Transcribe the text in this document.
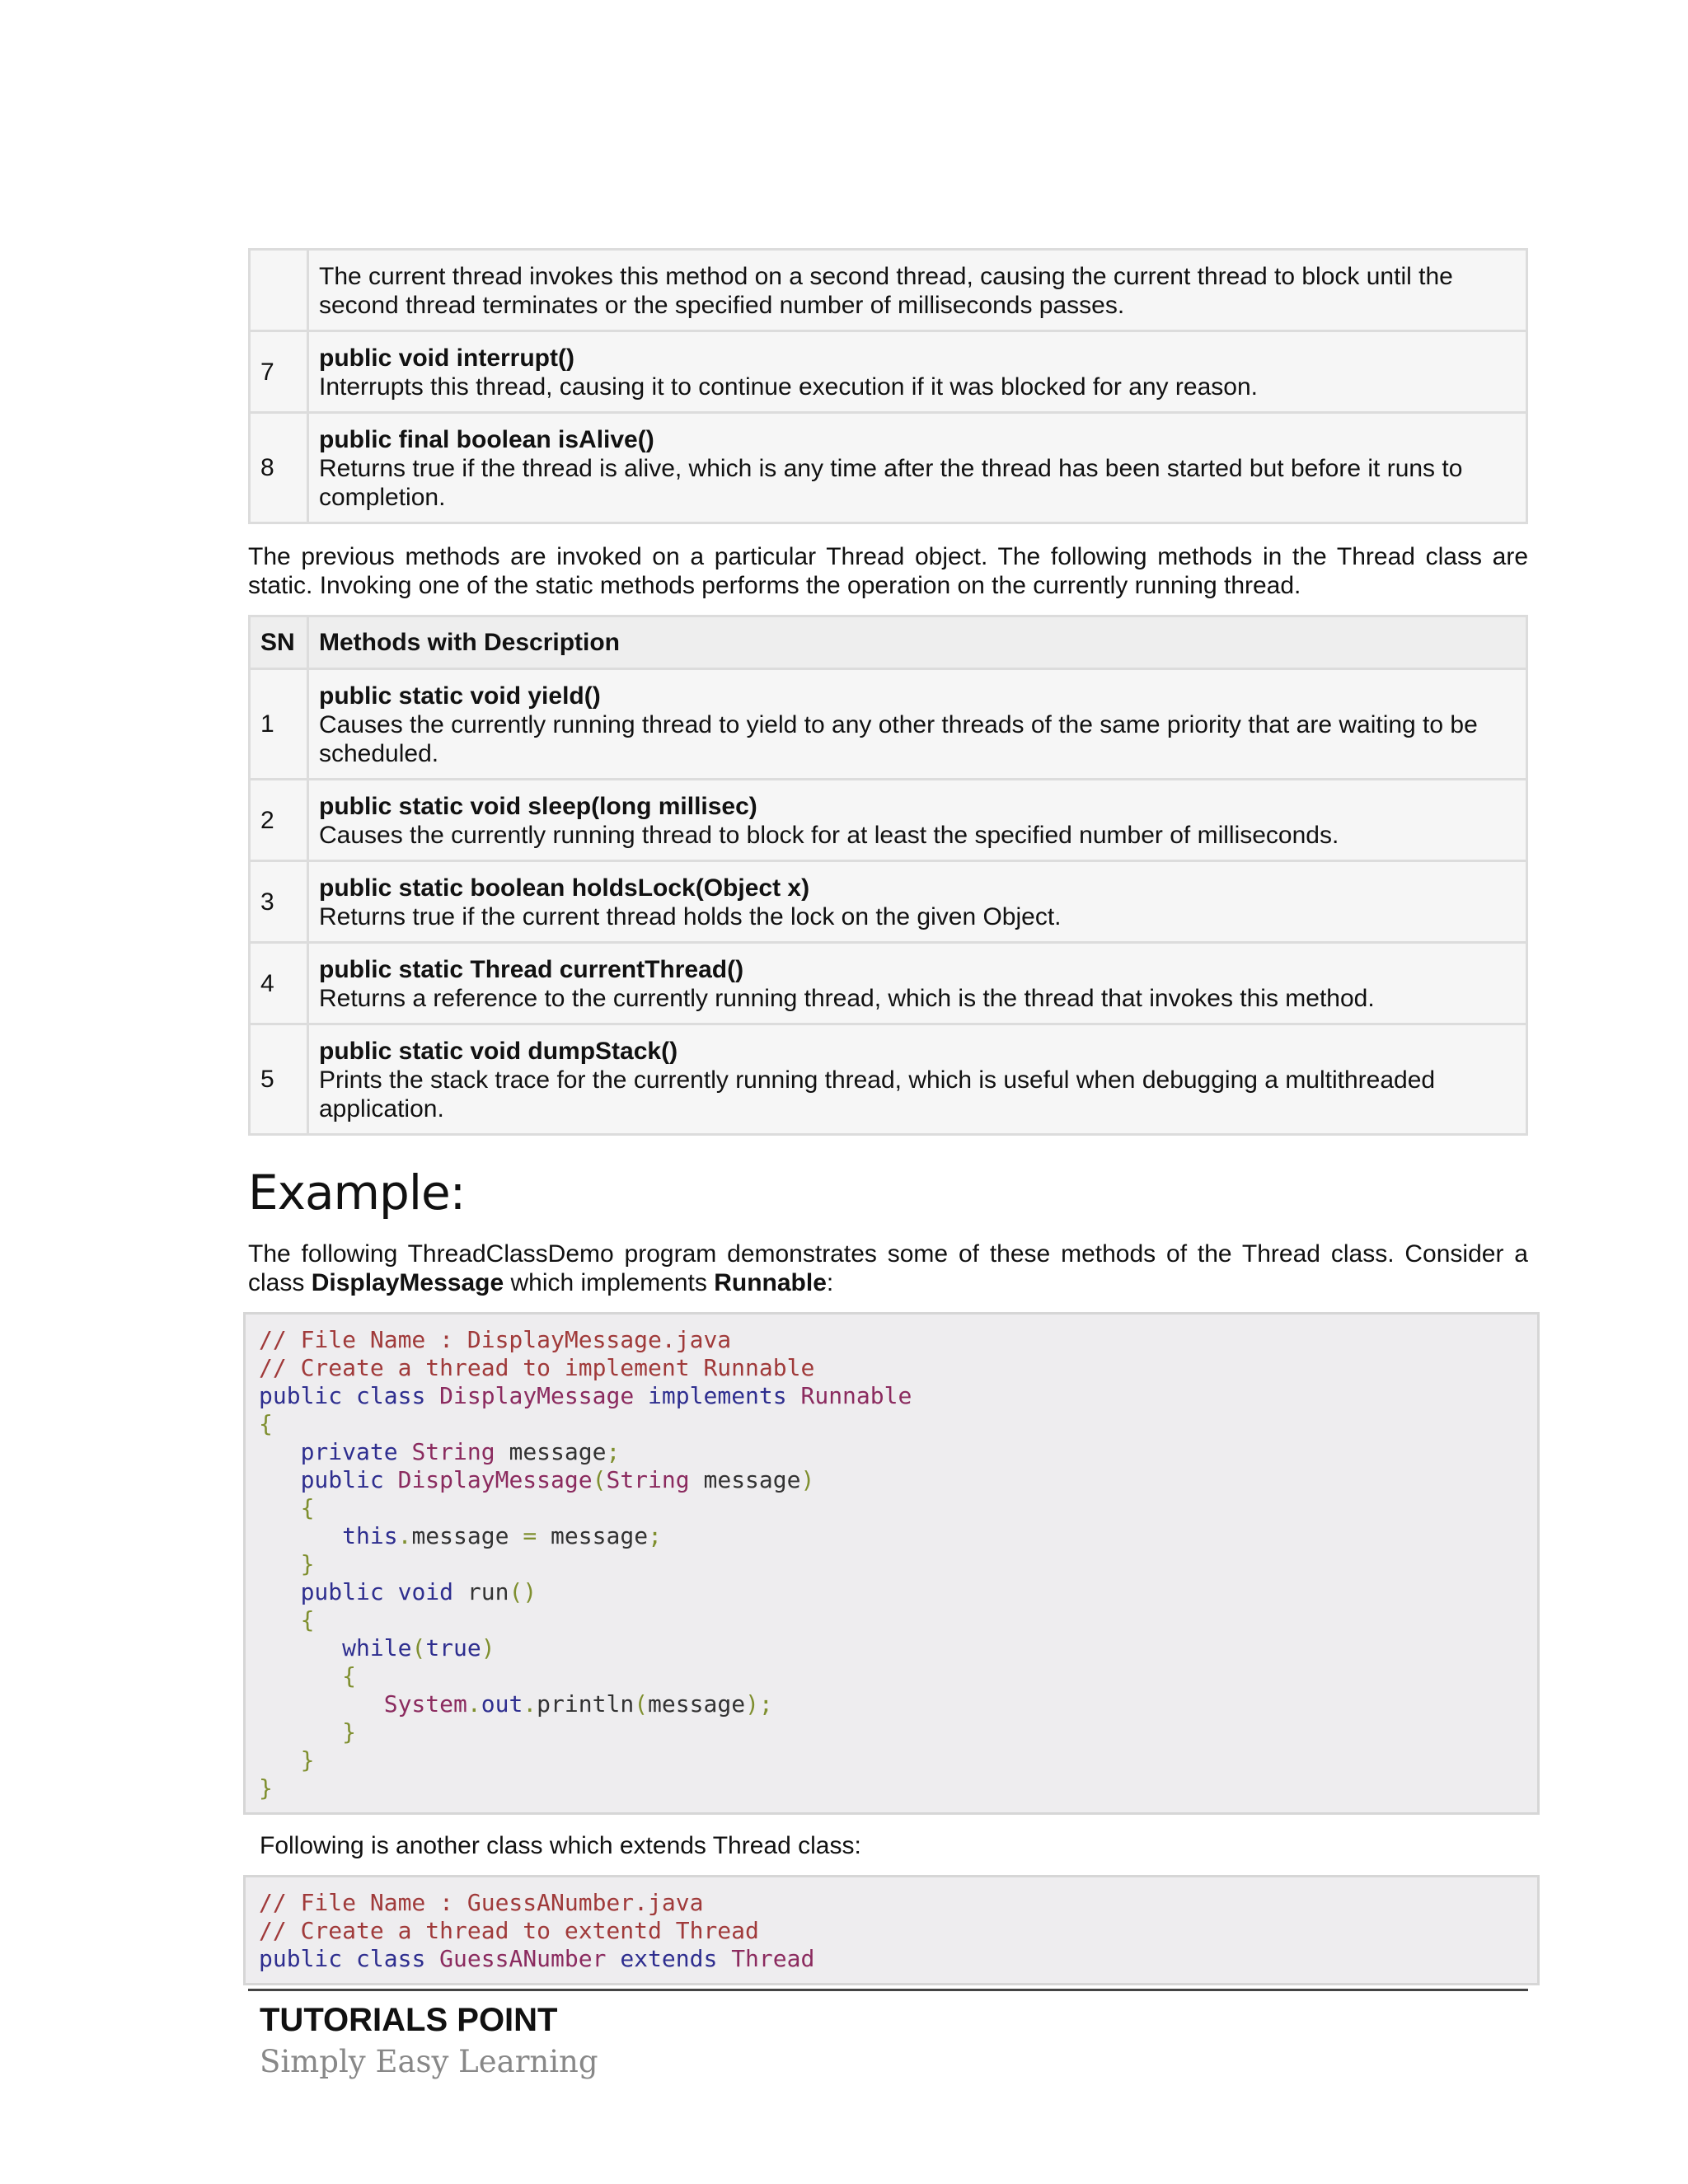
	The current thread invokes this method on a second thread, causing the current thread to block until the second thread terminates or the specified number of milliseconds passes.

7	public void interrupt()
Interrupts this thread, causing it to continue execution if it was blocked for any reason.

8	public final boolean isAlive()
Returns true if the thread is alive, which is any time after the thread has been started but before it runs to completion.

The previous methods are invoked on a particular Thread object. The following methods in the Thread class are static. Invoking one of the static methods performs the operation on the currently running thread.

SN	Methods with Description
1	public static void yield()
Causes the currently running thread to yield to any other threads of the same priority that are waiting to be scheduled.

2	public static void sleep(long millisec)
Causes the currently running thread to block for at least the specified number of milliseconds.

3	public static boolean holdsLock(Object x)
Returns true if the current thread holds the lock on the given Object.

4	public static Thread currentThread()
Returns a reference to the currently running thread, which is the thread that invokes this method.

5	public static void dumpStack()
Prints the stack trace for the currently running thread, which is useful when debugging a multithreaded application.
Example:

The following ThreadClassDemo program demonstrates some of these methods of the Thread class. Consider a class DisplayMessage which implements Runnable:

// File Name : DisplayMessage.java
// Create a thread to implement Runnable
public class DisplayMessage implements Runnable
{
private String message;
public DisplayMessage(String message)
{
this.message = message;
}
public void run()
{
while(true)
{
System.out.println(message);
}
}
}

Following is another class which extends Thread class:

// File Name : GuessANumber.java
// Create a thread to extentd Thread
public class GuessANumber extends Thread
TUTORIALS POINT
Simply Easy Learning
